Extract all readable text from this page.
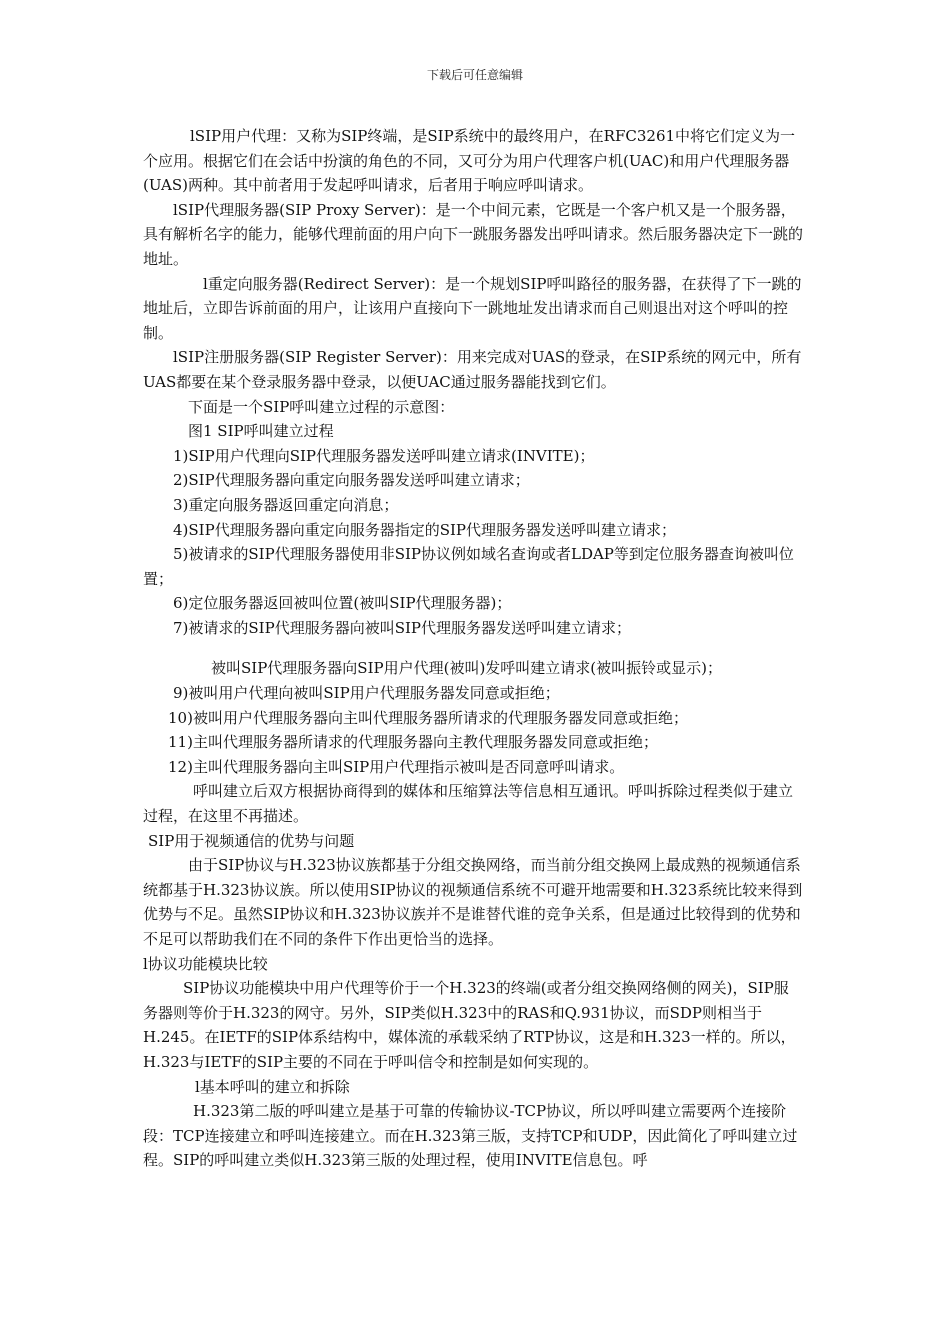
下载后可任意编辑

lSIP用户代理：又称为SIP终端，是SIP系统中的最终用户，在RFC3261中将它们定义为一个应用。根据它们在会话中扮演的角色的不同，又可分为用户代理客户机(UAC)和用户代理服务器(UAS)两种。其中前者用于发起呼叫请求，后者用于响应呼叫请求。

lSIP代理服务器(SIP Proxy Server)：是一个中间元素，它既是一个客户机又是一个服务器，具有解析名字的能力，能够代理前面的用户向下一跳服务器发出呼叫请求。然后服务器决定下一跳的地址。

l重定向服务器(Redirect Server)：是一个规划SIP呼叫路径的服务器，在获得了下一跳的地址后，立即告诉前面的用户，让该用户直接向下一跳地址发出请求而自己则退出对这个呼叫的控制。

lSIP注册服务器(SIP Register Server)：用来完成对UAS的登录，在SIP系统的网元中，所有UAS都要在某个登录服务器中登录，以便UAC通过服务器能找到它们。

下面是一个SIP呼叫建立过程的示意图：

图1 SIP呼叫建立过程

1)SIP用户代理向SIP代理服务器发送呼叫建立请求(INVITE)；

2)SIP代理服务器向重定向服务器发送呼叫建立请求；

3)重定向服务器返回重定向消息；

4)SIP代理服务器向重定向服务器指定的SIP代理服务器发送呼叫建立请求；

5)被请求的SIP代理服务器使用非SIP协议例如域名查询或者LDAP等到定位服务器查询被叫位置；

6)定位服务器返回被叫位置(被叫SIP代理服务器)；

7)被请求的SIP代理服务器向被叫SIP代理服务器发送呼叫建立请求；

被叫SIP代理服务器向SIP用户代理(被叫)发呼叫建立请求(被叫振铃或显示)；

9)被叫用户代理向被叫SIP用户代理服务器发同意或拒绝；

10)被叫用户代理服务器向主叫代理服务器所请求的代理服务器发同意或拒绝；

11)主叫代理服务器所请求的代理服务器向主教代理服务器发同意或拒绝；

12)主叫代理服务器向主叫SIP用户代理指示被叫是否同意呼叫请求。

呼叫建立后双方根据协商得到的媒体和压缩算法等信息相互通讯。呼叫拆除过程类似于建立过程，在这里不再描述。

SIP用于视频通信的优势与问题

由于SIP协议与H.323协议族都基于分组交换网络，而当前分组交换网上最成熟的视频通信系统都基于H.323协议族。所以使用SIP协议的视频通信系统不可避开地需要和H.323系统比较来得到优势与不足。虽然SIP协议和H.323协议族并不是谁替代谁的竞争关系，但是通过比较得到的优势和不足可以帮助我们在不同的条件下作出更恰当的选择。

l协议功能模块比较

SIP协议功能模块中用户代理等价于一个H.323的终端(或者分组交换网络侧的网关)，SIP服务器则等价于H.323的网守。另外，SIP类似H.323中的RAS和Q.931协议，而SDP则相当于H.245。在IETF的SIP体系结构中，媒体流的承载采纳了RTP协议，这是和H.323一样的。所以，H.323与IETF的SIP主要的不同在于呼叫信令和控制是如何实现的。

l基本呼叫的建立和拆除

H.323第二版的呼叫建立是基于可靠的传输协议-TCP协议，所以呼叫建立需要两个连接阶段：TCP连接建立和呼叫连接建立。而在H.323第三版，支持TCP和UDP，因此简化了呼叫建立过程。SIP的呼叫建立类似H.323第三版的处理过程，使用INVITE信息包。呼
